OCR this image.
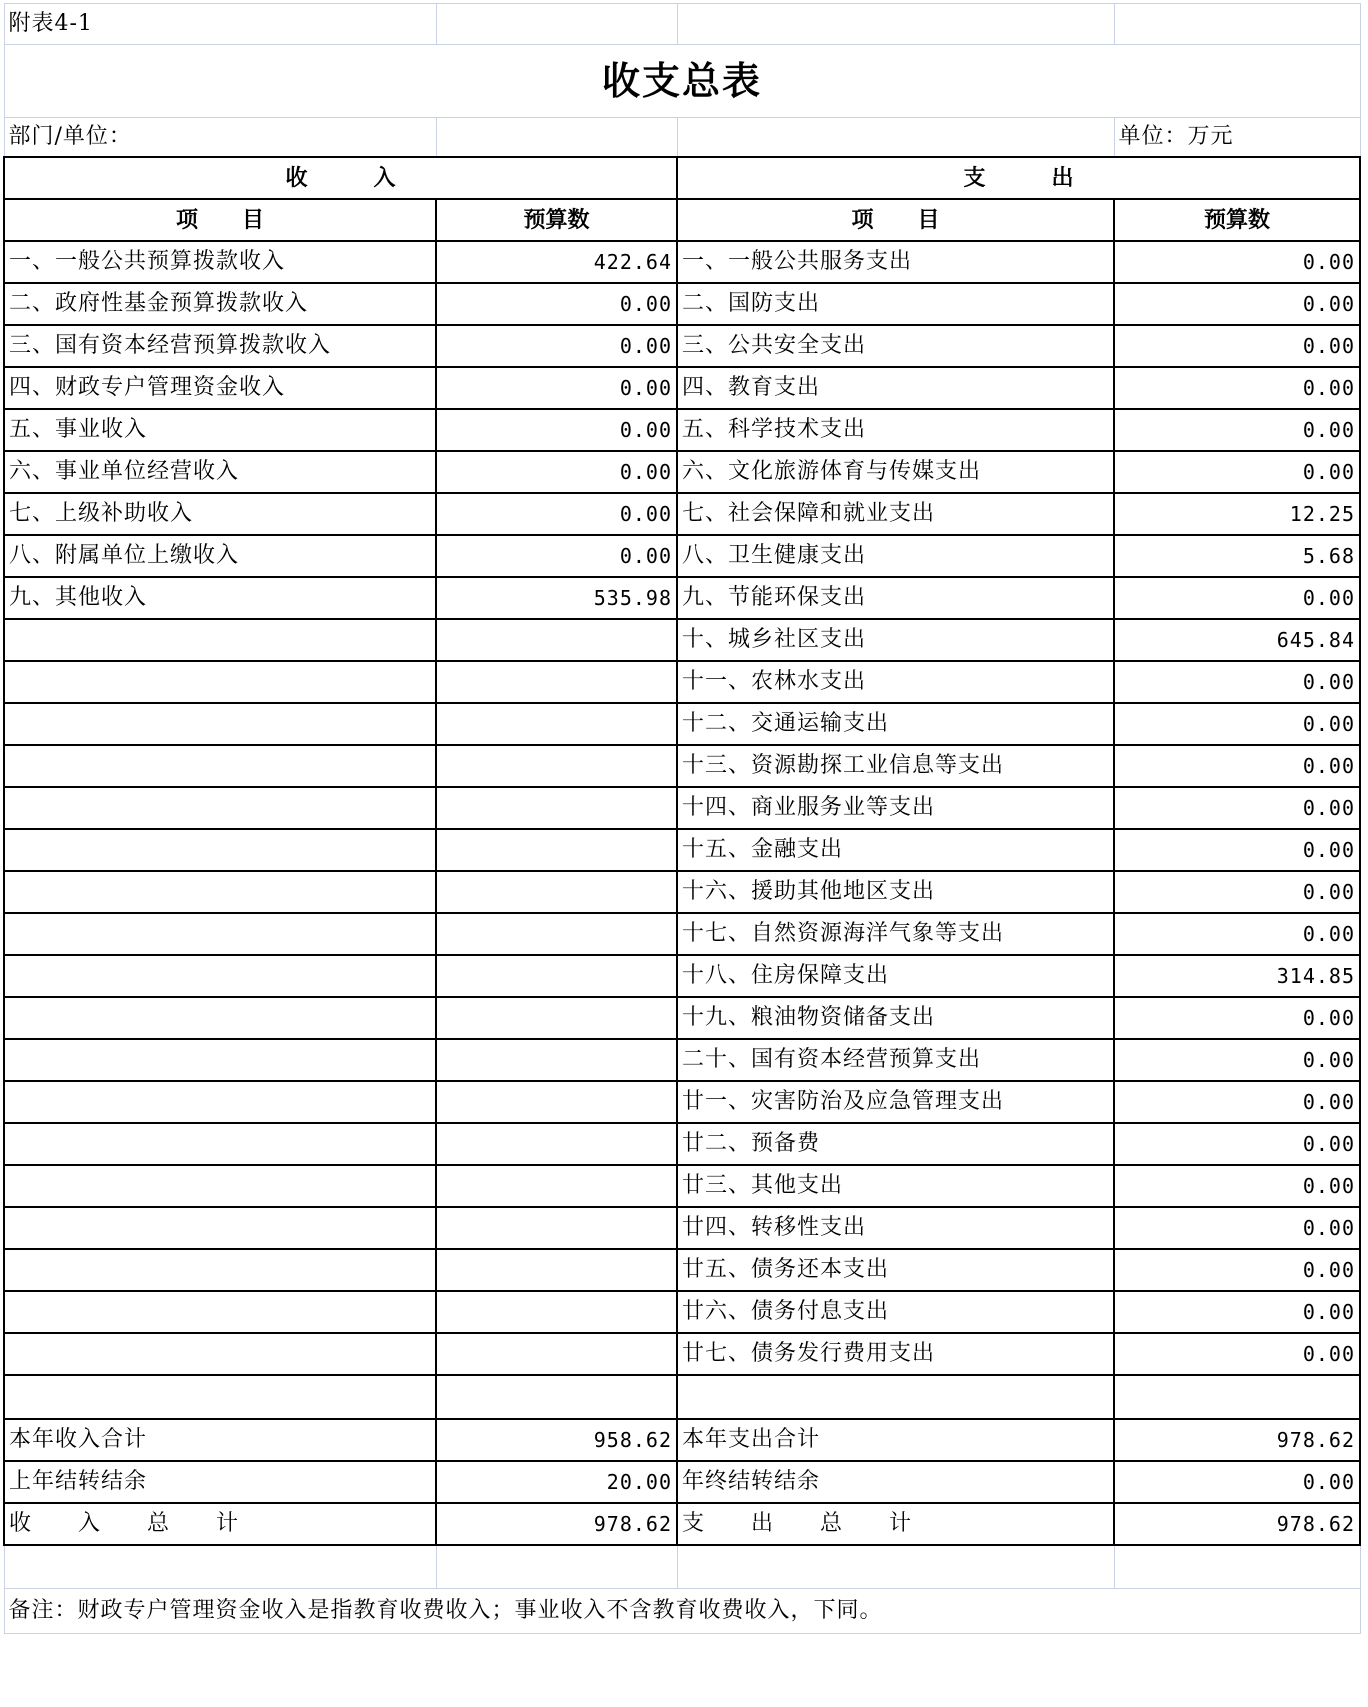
附表4-1			
收支总表			
部门/单位：			单位：万元
收　　　入		支　　　出	
项　　目	预算数	项　　目	预算数
一、一般公共预算拨款收入	422.64	一、一般公共服务支出	0.00
二、政府性基金预算拨款收入	0.00	二、国防支出	0.00
三、国有资本经营预算拨款收入	0.00	三、公共安全支出	0.00
四、财政专户管理资金收入	0.00	四、教育支出	0.00
五、事业收入	0.00	五、科学技术支出	0.00
六、事业单位经营收入	0.00	六、文化旅游体育与传媒支出	0.00
七、上级补助收入	0.00	七、社会保障和就业支出	12.25
八、附属单位上缴收入	0.00	八、卫生健康支出	5.68
九、其他收入	535.98	九、节能环保支出	0.00
		十、城乡社区支出	645.84
		十一、农林水支出	0.00
		十二、交通运输支出	0.00
		十三、资源勘探工业信息等支出	0.00
		十四、商业服务业等支出	0.00
		十五、金融支出	0.00
		十六、援助其他地区支出	0.00
		十七、自然资源海洋气象等支出	0.00
		十八、住房保障支出	314.85
		十九、粮油物资储备支出	0.00
		二十、国有资本经营预算支出	0.00
		廿一、灾害防治及应急管理支出	0.00
		廿二、预备费	0.00
		廿三、其他支出	0.00
		廿四、转移性支出	0.00
		廿五、债务还本支出	0.00
		廿六、债务付息支出	0.00
		廿七、债务发行费用支出	0.00

本年收入合计	958.62	本年支出合计	978.62
上年结转结余	20.00	年终结转结余	0.00
收　　入　　总　　计	978.62	支　　出　　总　　计	978.62

备注：财政专户管理资金收入是指教育收费收入；事业收入不含教育收费收入，下同。			
